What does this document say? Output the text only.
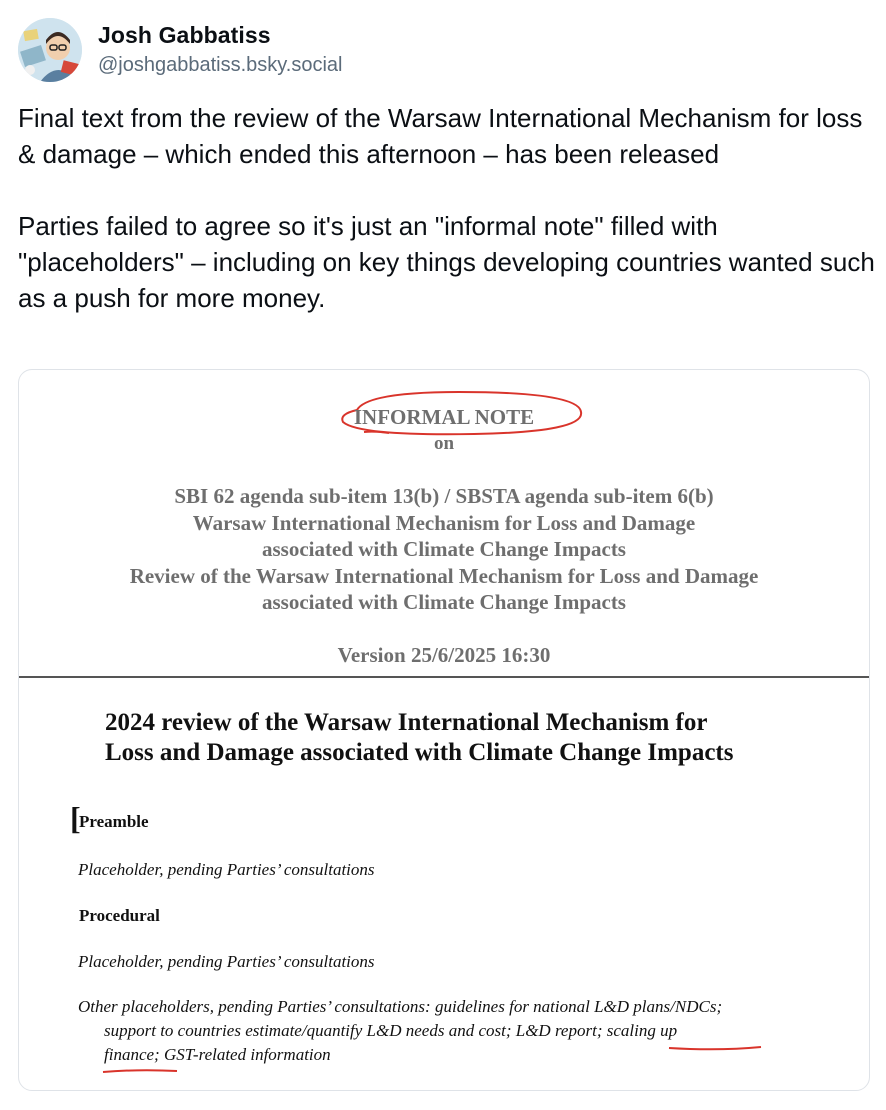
Josh Gabbatiss
@joshgabbatiss.bsky.social

Final text from the review of the Warsaw International Mechanism for loss & damage – which ended this afternoon – has been released

Parties failed to agree so it's just an "informal note" filled with "placeholders" – including on key things developing countries wanted such as a push for more money.

INFORMAL NOTE
on
SBI 62 agenda sub-item 13(b) / SBSTA agenda sub-item 6(b)
Warsaw International Mechanism for Loss and Damage
associated with Climate Change Impacts
Review of the Warsaw International Mechanism for Loss and Damage
associated with Climate Change Impacts
Version 25/6/2025 16:30
2024 review of the Warsaw International Mechanism for
Loss and Damage associated with Climate Change Impacts
[
Preamble
Placeholder, pending Parties’ consultations
Procedural
Placeholder, pending Parties’ consultations
Other placeholders, pending Parties’ consultations: guidelines for national L&D plans/NDCs;
support to countries estimate/quantify L&D needs and cost; L&D report; scaling up
finance; GST-related information
